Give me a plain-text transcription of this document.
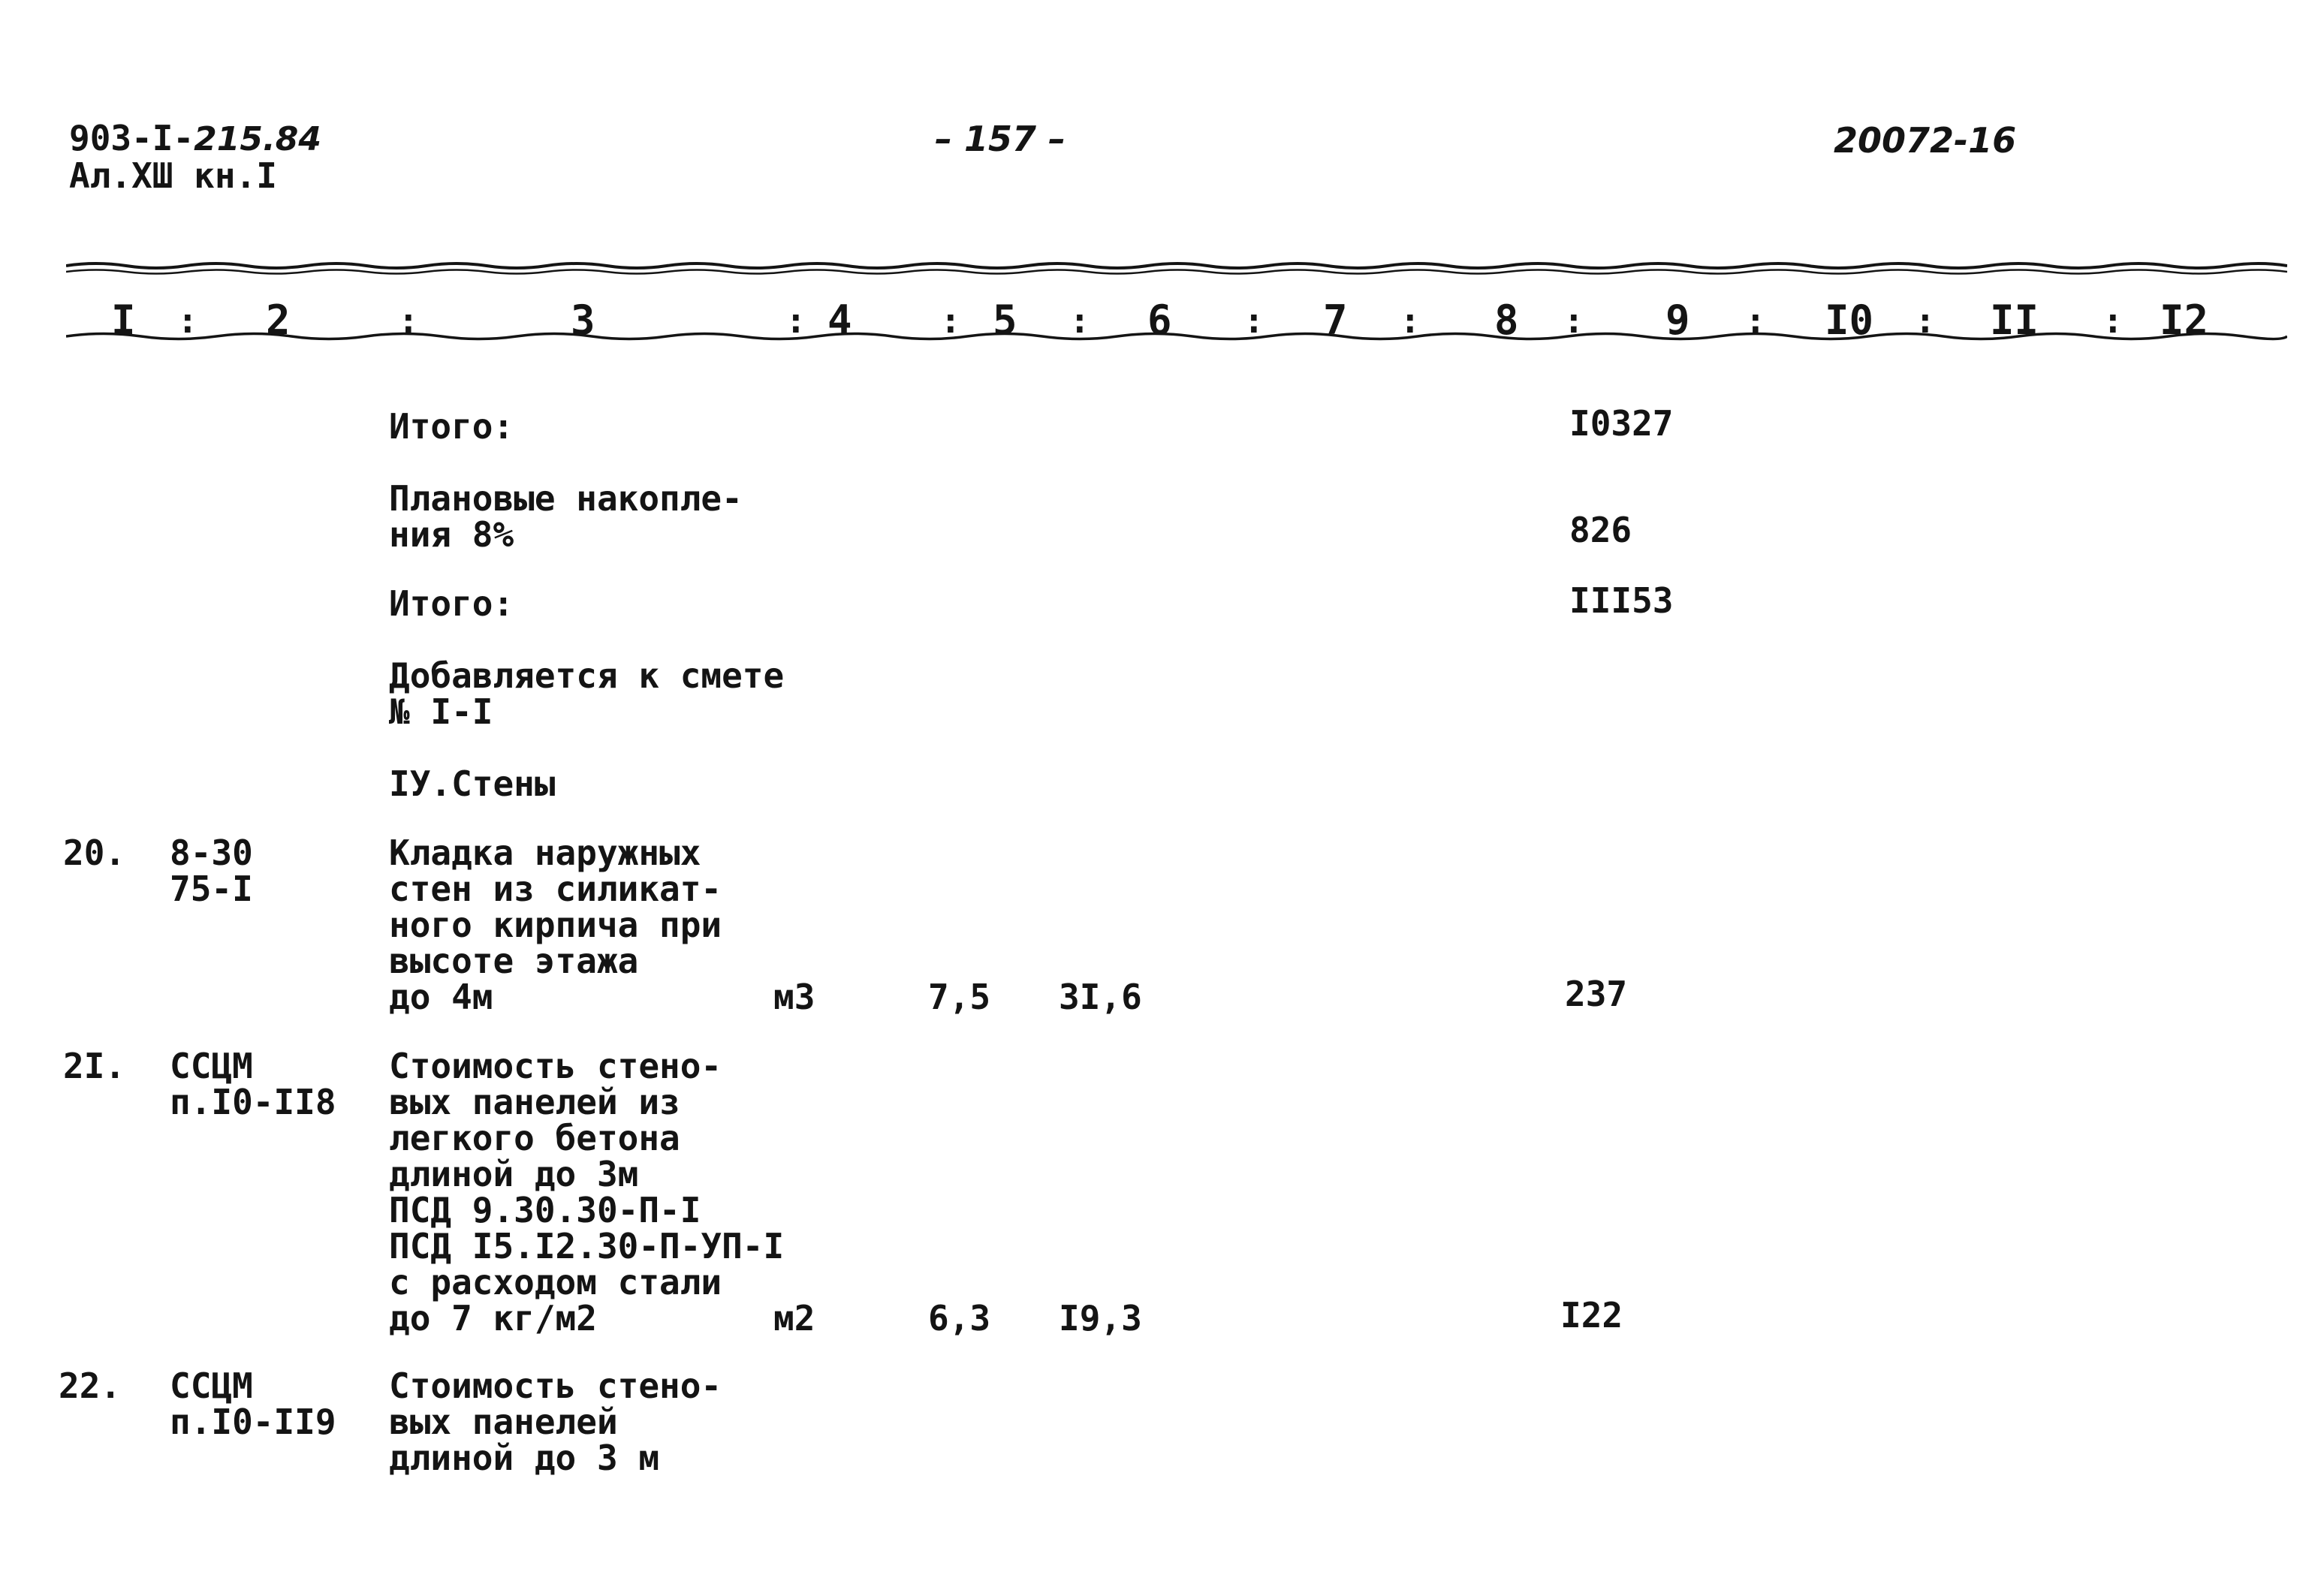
903-I-215.84
Ал.ХШ кн.I
– 157 –	20072-16
I : 2	:	3	: 4	: 5 : 6 : 7 : 8 : 9 : I0 : II : I2
Итого:	I0327
Плановые накопле-
ния 8%	826
Итого:	III53
Добавляется к смете
№ I-I
IУ.Стены
20. 8-30
75-I
Кладка наружных
стен из силикат-
ного кирпича при
высоте этажа
до 4м	м3	7,5 3I,6	237
2I. ССЦМ
п.I0-II8
Стоимость стено-
вых панелей из
легкого бетона
длиной до 3м
ПСД 9.30.30-П-I
ПСД I5.I2.30-П-УП-I
с расходом стали
до 7 кг/м2	м2	6,3 I9,3	I22
22. ССЦМ
п.I0-II9
Стоимость стено-
вых панелей
длиной до 3 м
